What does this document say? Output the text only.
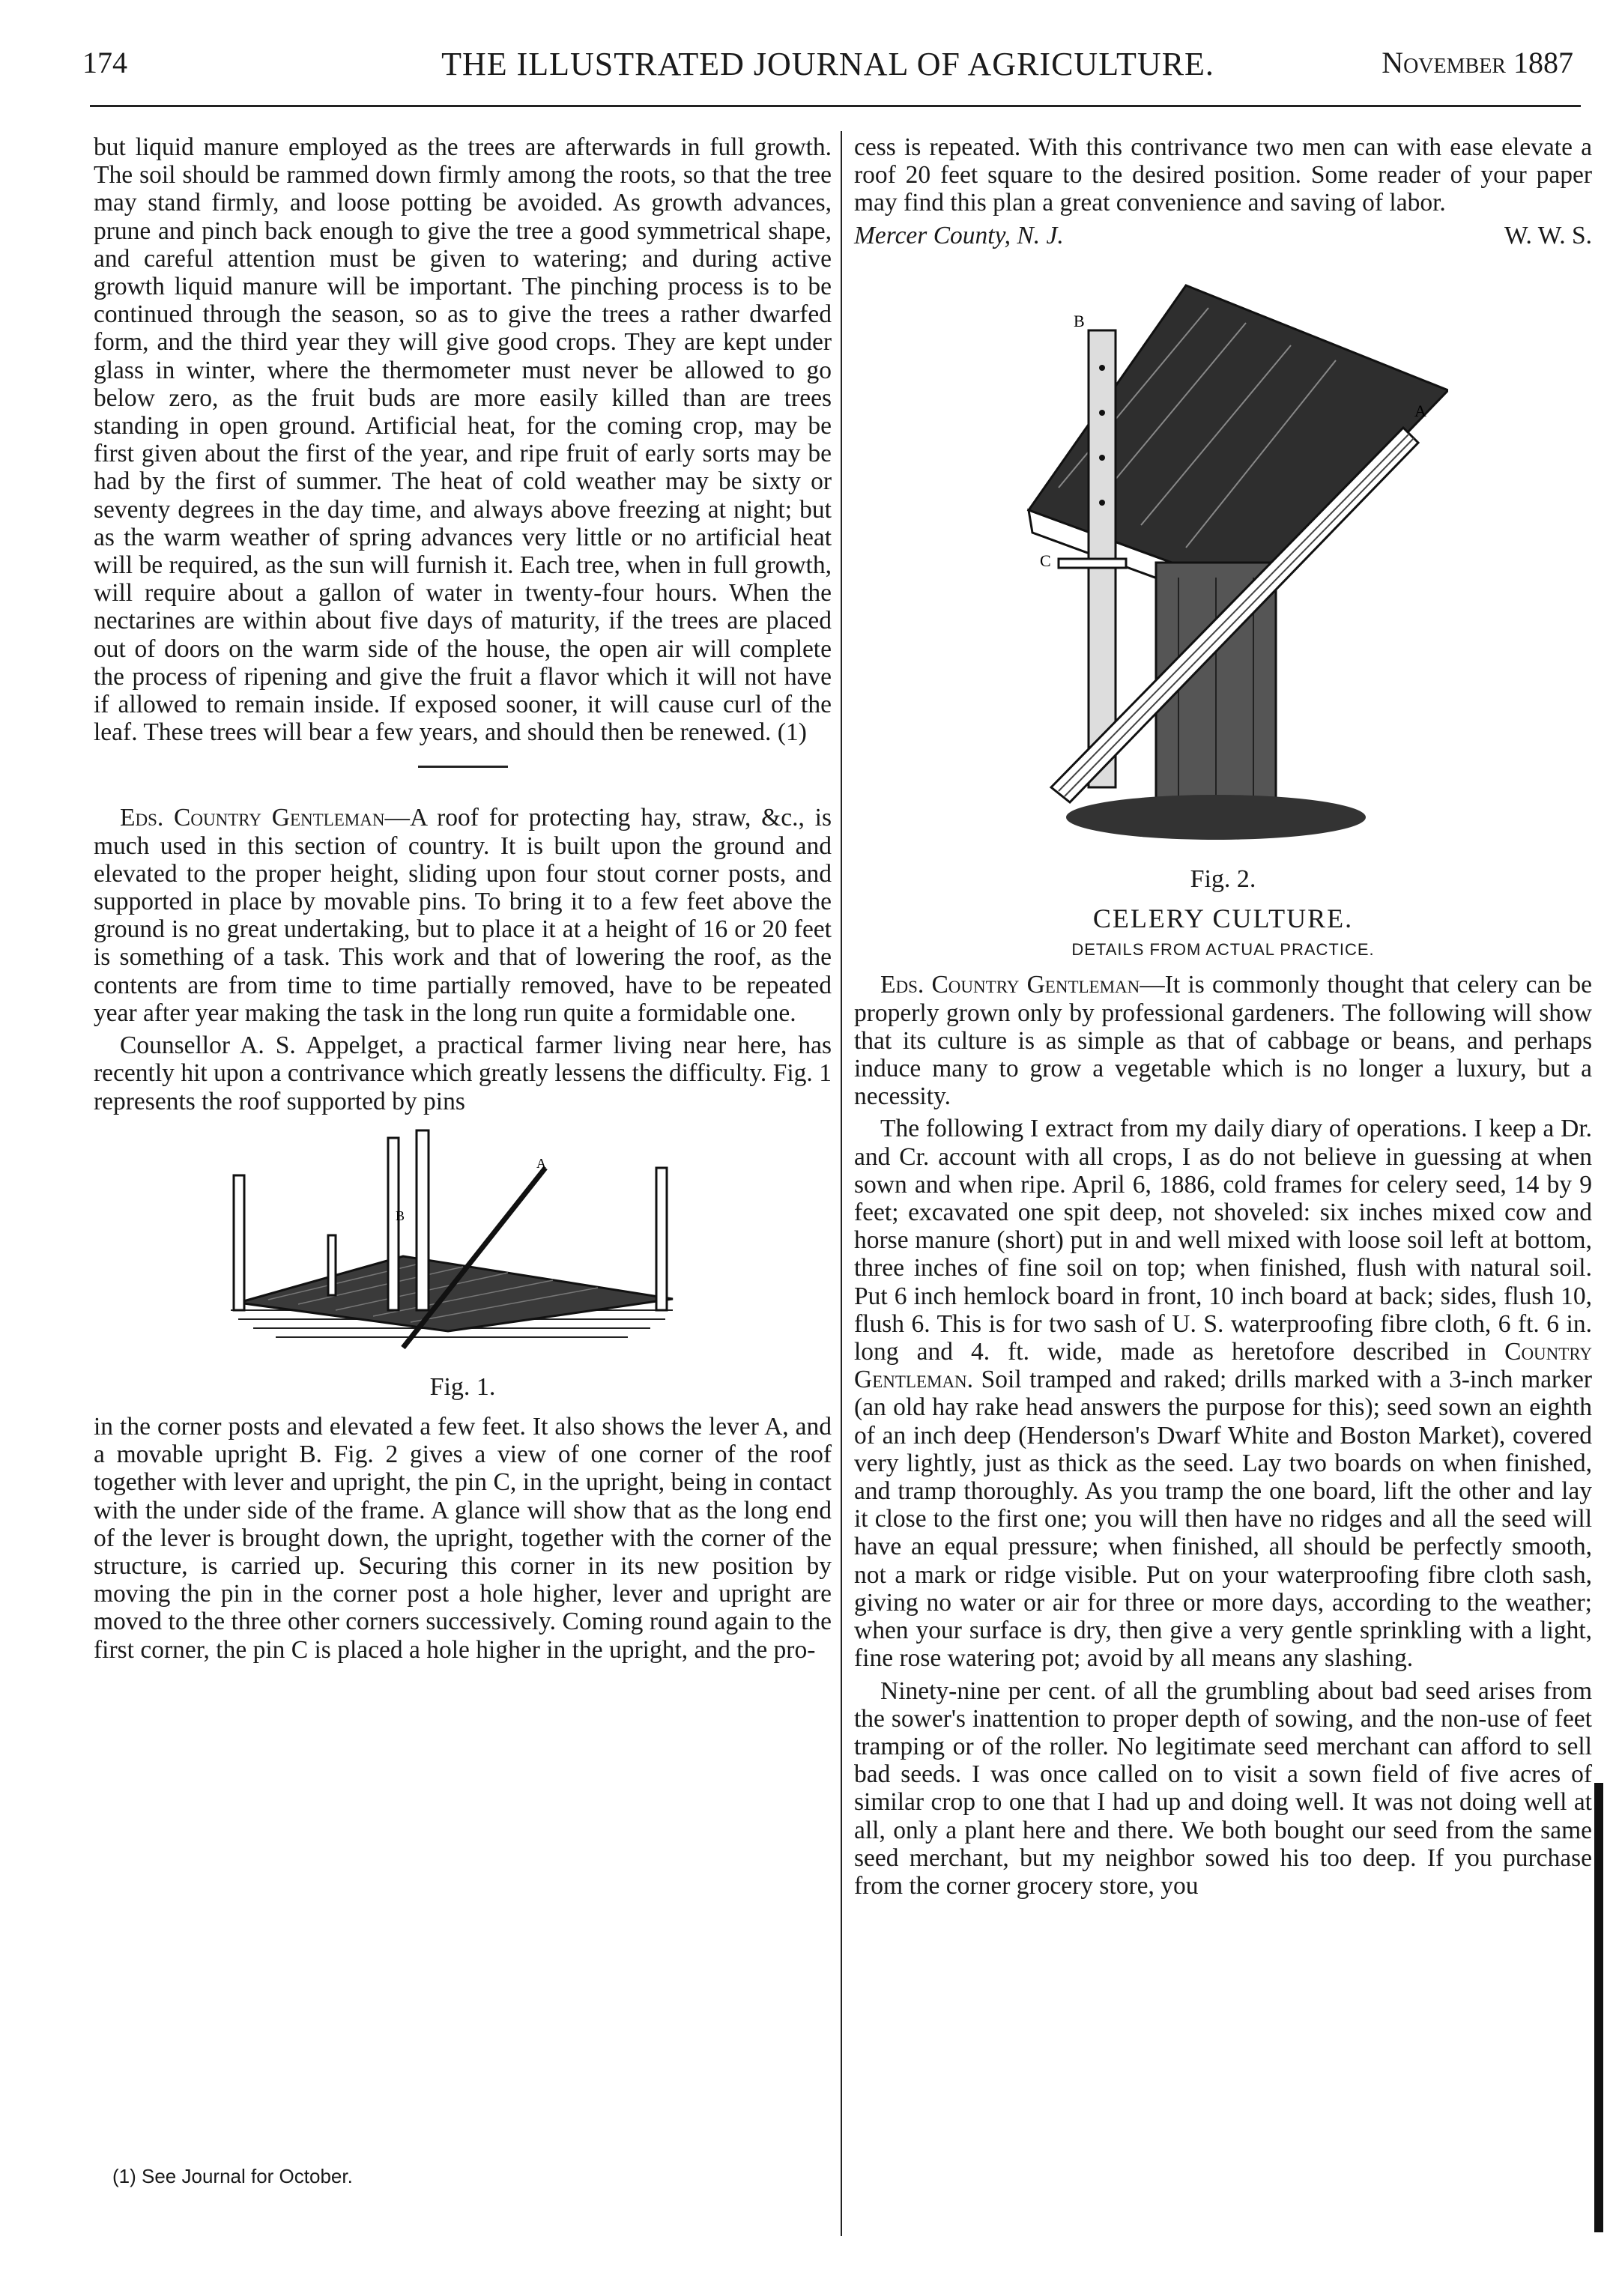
174	THE ILLUSTRATED JOURNAL OF AGRICULTURE.	November 1887

but liquid manure employed as the trees are afterwards in full growth. The soil should be rammed down firmly among the roots, so that the tree may stand firmly, and loose potting be avoided. As growth advances, prune and pinch back enough to give the tree a good symmetrical shape, and careful attention must be given to watering; and during active growth liquid manure will be important. The pinching process is to be continued through the season, so as to give the trees a rather dwarfed form, and the third year they will give good crops. They are kept under glass in winter, where the thermometer must never be allowed to go below zero, as the fruit buds are more easily killed than are trees standing in open ground. Artificial heat, for the coming crop, may be first given about the first of the year, and ripe fruit of early sorts may be had by the first of summer. The heat of cold weather may be sixty or seventy degrees in the day time, and always above freezing at night; but as the warm weather of spring advances very little or no artificial heat will be required, as the sun will furnish it. Each tree, when in full growth, will require about a gallon of water in twenty-four hours. When the nectarines are within about five days of maturity, if the trees are placed out of doors on the warm side of the house, the open air will complete the process of ripening and give the fruit a flavor which it will not have if allowed to remain inside. If exposed sooner, it will cause curl of the leaf. These trees will bear a few years, and should then be renewed. (1)

Eds. Country Gentleman—A roof for protecting hay, straw, &c., is much used in this section of country. It is built upon the ground and elevated to the proper height, sliding upon four stout corner posts, and supported in place by movable pins. To bring it to a few feet above the ground is no great undertaking, but to place it at a height of 16 or 20 feet is something of a task. This work and that of lowering the roof, as the contents are from time to time partially removed, have to be repeated year after year making the task in the long run quite a formidable one.

Counsellor A. S. Appelget, a practical farmer living near here, has recently hit upon a contrivance which greatly lessens the difficulty. Fig. 1 represents the roof supported by pins

B
A
Fig. 1.

in the corner posts and elevated a few feet. It also shows the lever A, and a movable upright B. Fig. 2 gives a view of one corner of the roof together with lever and upright, the pin C, in the upright, being in contact with the under side of the frame. A glance will show that as the long end of the lever is brought down, the upright, together with the corner of the structure, is carried up. Securing this corner in its new position by moving the pin in the corner post a hole higher, lever and upright are moved to the three other corners successively. Coming round again to the first corner, the pin C is placed a hole higher in the upright, and the pro-

(1) See Journal for October.

cess is repeated. With this contrivance two men can with ease elevate a roof 20 feet square to the desired position. Some reader of your paper may find this plan a great convenience and saving of labor.

Mercer County, N. J.	W. W. S.
B
A
C
Fig. 2.
CELERY CULTURE.
DETAILS FROM ACTUAL PRACTICE.

Eds. Country Gentleman—It is commonly thought that celery can be properly grown only by professional gardeners. The following will show that its culture is as simple as that of cabbage or beans, and perhaps induce many to grow a vegetable which is no longer a luxury, but a necessity.

The following I extract from my daily diary of operations. I keep a Dr. and Cr. account with all crops, I as do not believe in guessing at when sown and when ripe. April 6, 1886, cold frames for celery seed, 14 by 9 feet; excavated one spit deep, not shoveled: six inches mixed cow and horse manure (short) put in and well mixed with loose soil left at bottom, three inches of fine soil on top; when finished, flush with natural soil. Put 6 inch hemlock board in front, 10 inch board at back; sides, flush 10, flush 6. This is for two sash of U. S. waterproofing fibre cloth, 6 ft. 6 in. long and 4. ft. wide, made as heretofore described in Country Gentleman. Soil tramped and raked; drills marked with a 3-inch marker (an old hay rake head answers the purpose for this); seed sown an eighth of an inch deep (Henderson's Dwarf White and Boston Market), covered very lightly, just as thick as the seed. Lay two boards on when finished, and tramp thoroughly. As you tramp the one board, lift the other and lay it close to the first one; you will then have no ridges and all the seed will have an equal pressure; when finished, all should be perfectly smooth, not a mark or ridge visible. Put on your waterproofing fibre cloth sash, giving no water or air for three or more days, according to the weather; when your surface is dry, then give a very gentle sprinkling with a light, fine rose watering pot; avoid by all means any slashing.

Ninety-nine per cent. of all the grumbling about bad seed arises from the sower's inattention to proper depth of sowing, and the non-use of feet tramping or of the roller. No legitimate seed merchant can afford to sell bad seeds. I was once called on to visit a sown field of five acres of similar crop to one that I had up and doing well. It was not doing well at all, only a plant here and there. We both bought our seed from the same seed merchant, but my neighbor sowed his too deep. If you purchase from the corner grocery store, you
